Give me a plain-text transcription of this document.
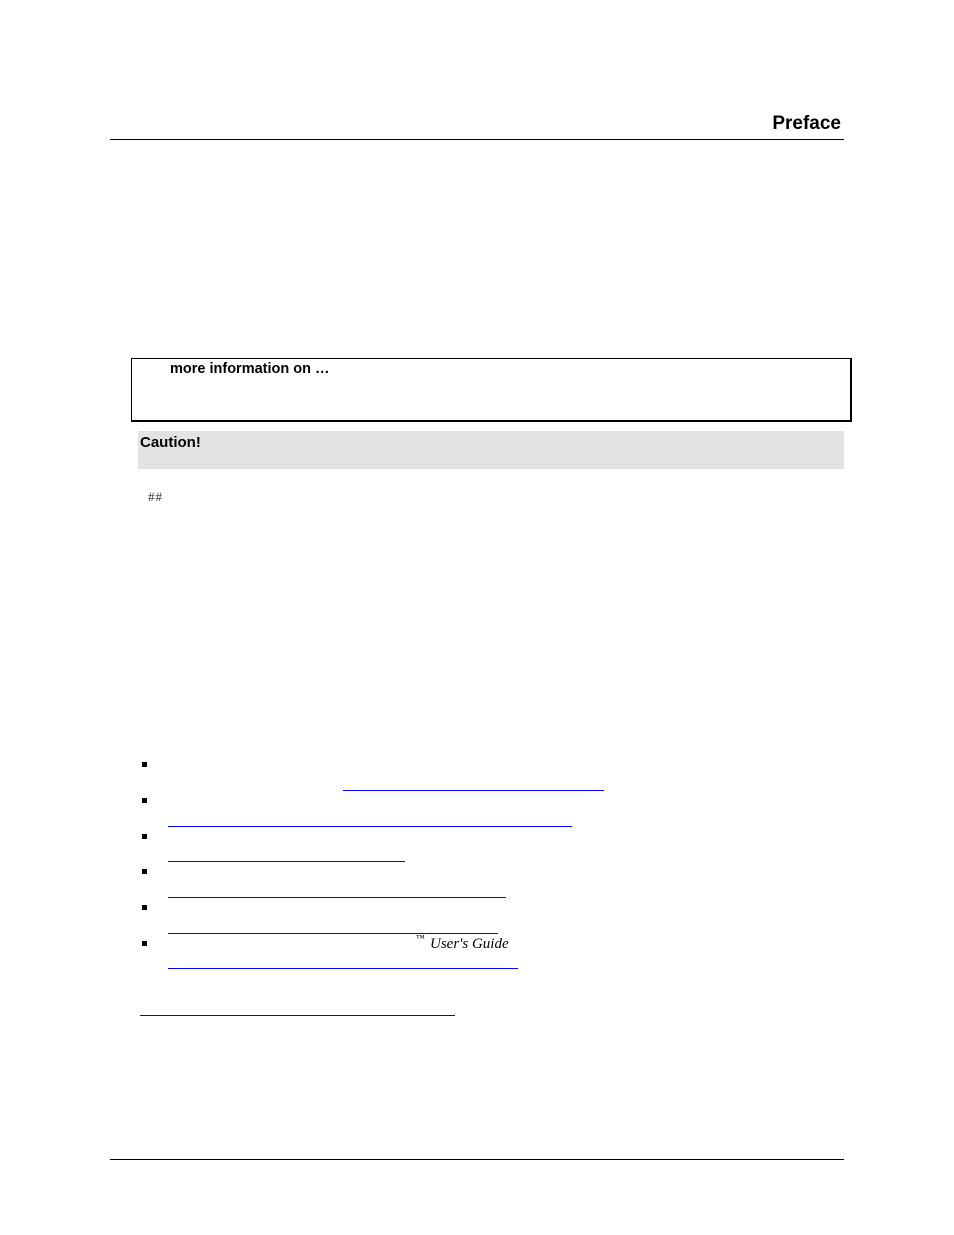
Preface
more information on …
Caution!
##
™ User's Guide
